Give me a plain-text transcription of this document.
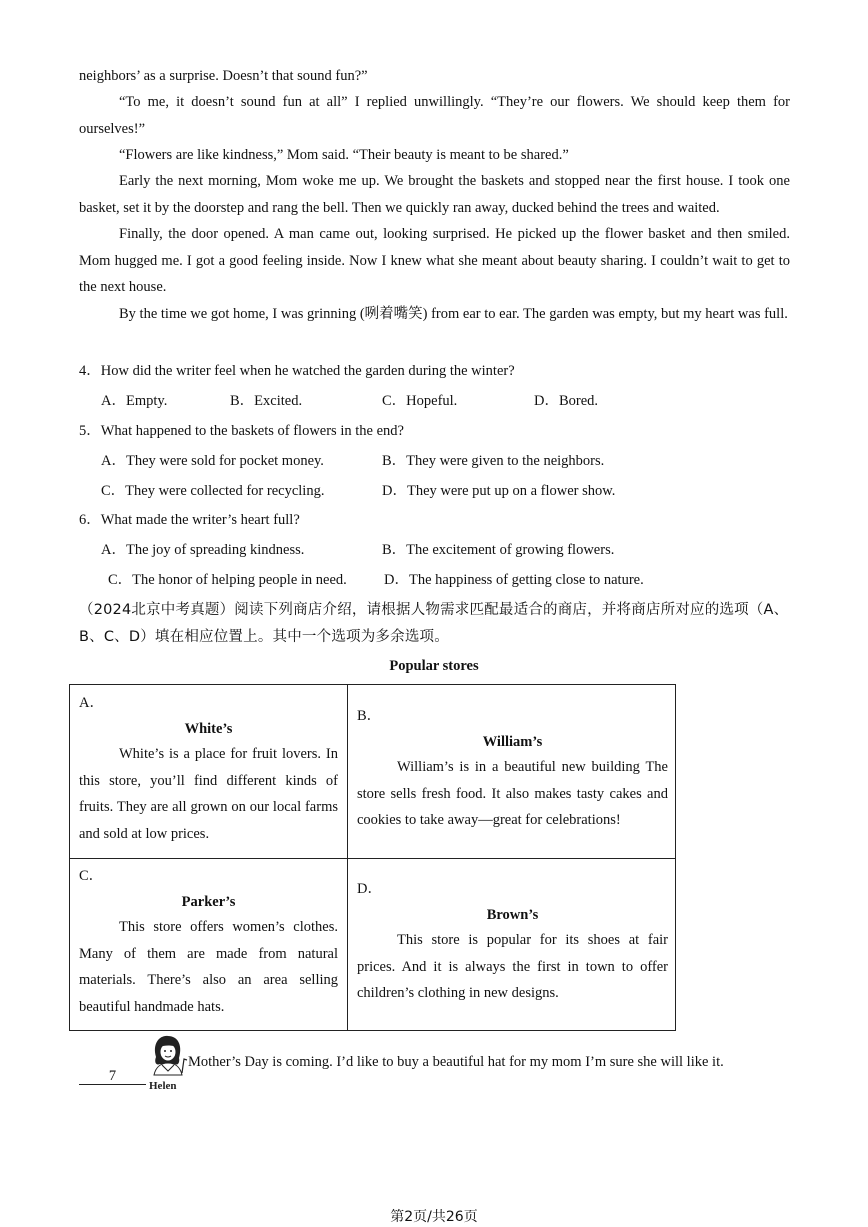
neighbors’ as a surprise. Doesn’t that sound fun?”

“To me, it doesn’t sound fun at all” I replied unwillingly. “They’re our flowers. We should keep them for ourselves!”

“Flowers are like kindness,” Mom said. “Their beauty is meant to be shared.”

Early the next morning, Mom woke me up. We brought the baskets and stopped near the first house. I took one basket, set it by the doorstep and rang the bell. Then we quickly ran away, ducked behind the trees and waited.

Finally, the door opened. A man came out, looking surprised. He picked up the flower basket and then smiled. Mom hugged me. I got a good feeling inside. Now I knew what she meant about beauty sharing. I couldn’t wait to get to the next house.

By the time we got home, I was grinning (咧着嘴笑) from ear to ear. The garden was empty, but my heart was full.

4．How did the writer feel when he watched the garden during the winter?
A．Empty.	B．Excited.	C．Hopeful.	D．Bored.
5．What happened to the baskets of flowers in the end?
A．They were sold for pocket money.	B．They were given to the neighbors.
C．They were collected for recycling.	D．They were put up on a flower show.
6．What made the writer’s heart full?
A．The joy of spreading kindness.	B．The excitement of growing flowers.
C．The honor of helping people in need.	D．The happiness of getting close to nature.

（2024北京中考真题）阅读下列商店介绍，请根据人物需求匹配最适合的商店，并将商店所对应的选项（A、B、C、D）填在相应位置上。其中一个选项为多余选项。

Popular stores
A．
White’s
White’s is a place for fruit lovers. In this store, you’ll find different kinds of fruits. They are all grown on our local farms and sold at low prices.
B．
William’s
William’s is in a beautiful new building The store sells fresh food. It also makes tasty cakes and cookies to take away—great for celebrations!
C．
Parker’s
This store offers women’s clothes. Many of them are made from natural materials. There’s also an area selling beautiful handmade hats.
D．
Brown’s
This store is popular for its shoes at fair prices. And it is always the first in town to offer children’s clothing in new designs.
7
Helen
Mother’s Day is coming. I’d like to buy a beautiful hat for my mom I’m sure she will like it.
第2页/共26页
